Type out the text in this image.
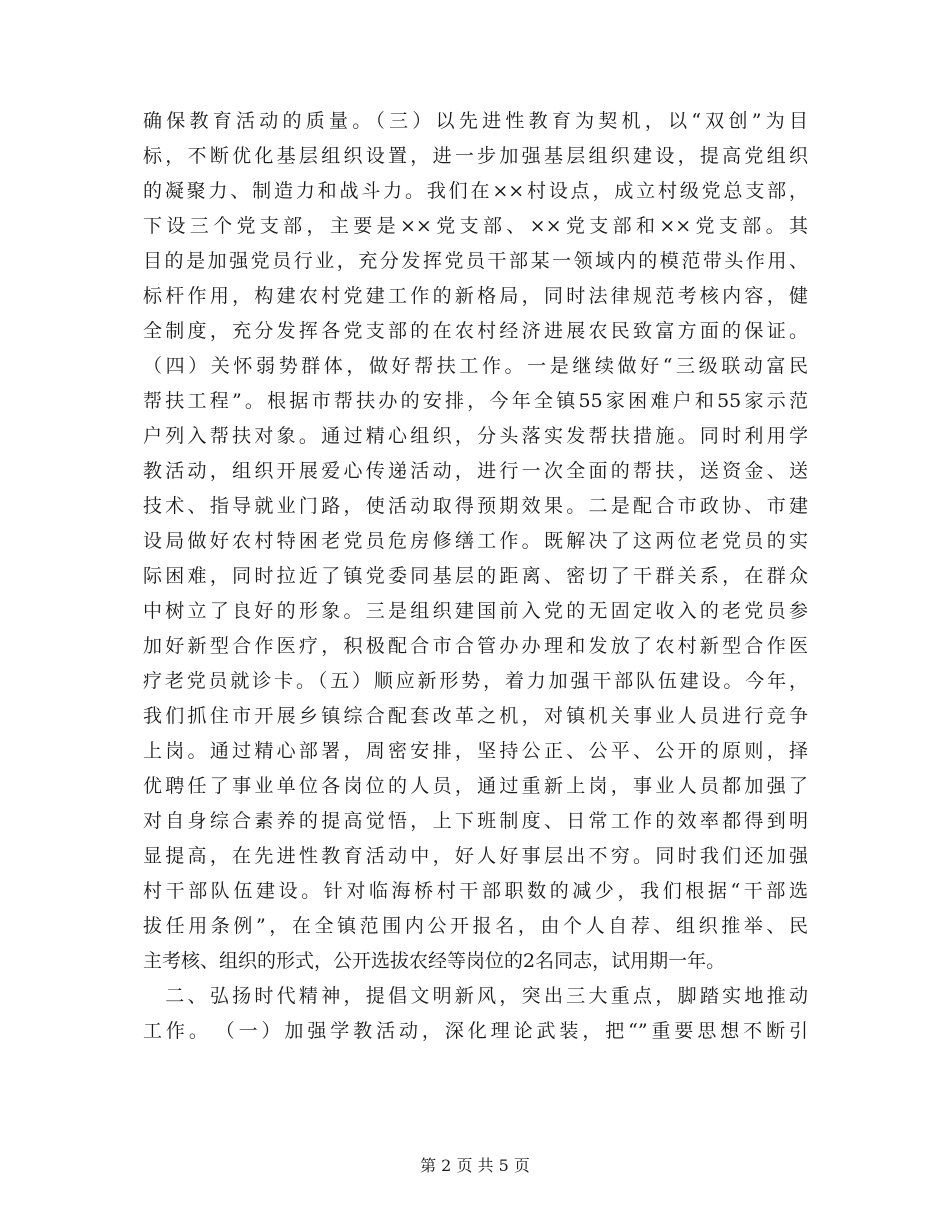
确保教育活动的质量。（三）以先进性教育为契机，以“双创”为目
标，不断优化基层组织设置，进一步加强基层组织建设，提高党组织
的凝聚力、制造力和战斗力。我们在××村设点，成立村级党总支部，
下设三个党支部，主要是××党支部、××党支部和××党支部。其
目的是加强党员行业，充分发挥党员干部某一领域内的模范带头作用、
标杆作用，构建农村党建工作的新格局，同时法律规范考核内容，健
全制度，充分发挥各党支部的在农村经济进展农民致富方面的保证。
（四）关怀弱势群体，做好帮扶工作。一是继续做好“三级联动富民
帮扶工程”。根据市帮扶办的安排，今年全镇55家困难户和55家示范
户列入帮扶对象。通过精心组织，分头落实发帮扶措施。同时利用学
教活动，组织开展爱心传递活动，进行一次全面的帮扶，送资金、送
技术、指导就业门路，使活动取得预期效果。二是配合市政协、市建
设局做好农村特困老党员危房修缮工作。既解决了这两位老党员的实
际困难，同时拉近了镇党委同基层的距离、密切了干群关系，在群众
中树立了良好的形象。三是组织建国前入党的无固定收入的老党员参
加好新型合作医疗，积极配合市合管办办理和发放了农村新型合作医
疗老党员就诊卡。（五）顺应新形势，着力加强干部队伍建设。今年，
我们抓住市开展乡镇综合配套改革之机，对镇机关事业人员进行竞争
上岗。通过精心部署，周密安排，坚持公正、公平、公开的原则，择
优聘任了事业单位各岗位的人员，通过重新上岗，事业人员都加强了
对自身综合素养的提高觉悟，上下班制度、日常工作的效率都得到明
显提高，在先进性教育活动中，好人好事层出不穷。同时我们还加强
村干部队伍建设。针对临海桥村干部职数的减少，我们根据“干部选
拔任用条例”，在全镇范围内公开报名，由个人自荐、组织推举、民
主考核、组织的形式，公开选拔农经等岗位的2名同志，试用期一年。
　二、弘扬时代精神，提倡文明新风，突出三大重点，脚踏实地推动
工作。　（一）加强学教活动，深化理论武装，把“”重要思想不断引
第 2 页 共 5 页
